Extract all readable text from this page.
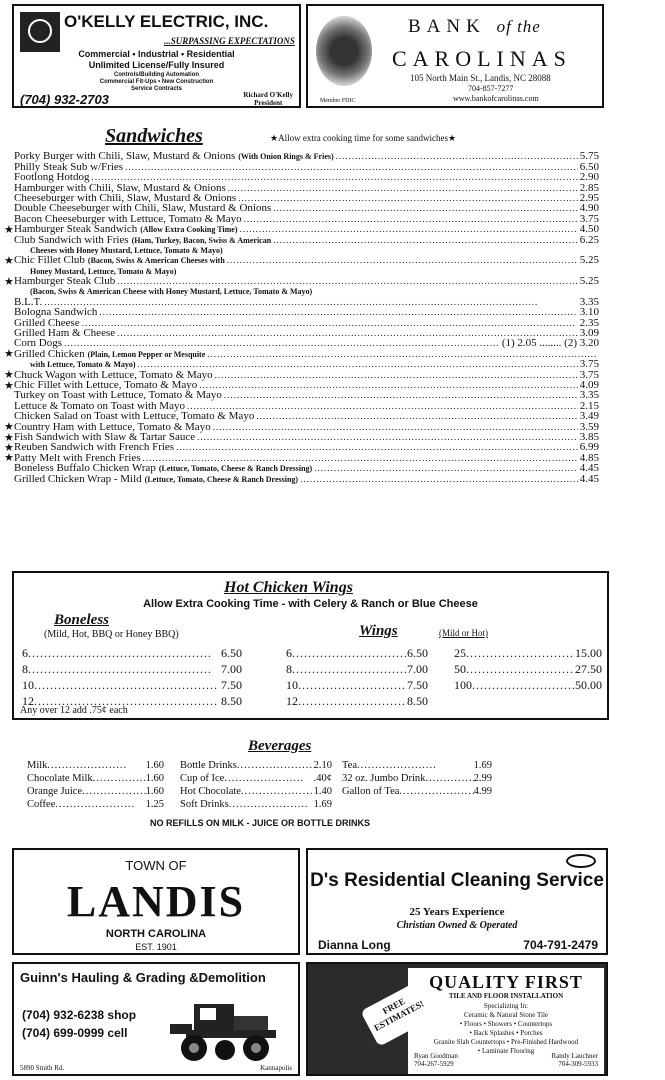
O'KELLY ELECTRIC, INC.
...SURPASSING EXPECTATIONS
Commercial • Industrial • Residential
Unlimited License/Fully Insured
Controls/Building Automation
Commercial Fit-Ups • New Construction
Service Contracts
(704) 932-2703	Richard O'Kelly
President
BANK of the
CAROLINAS
105 North Main St., Landis, NC 28088
704-857-7277
www.bankofcarolinas.com
Member FDIC
Sandwiches	★Allow extra cooking time for some sandwiches★
Porky Burger with Chili, Slaw, Mustard & Onions (With Onion Rings & Fries) .....	5.75
Philly Steak Sub w/Fries .....	6.50
Footlong Hotdog .....	2.90
Hamburger with Chili, Slaw, Mustard & Onions .....	2.85
Cheeseburger with Chili, Slaw, Mustard & Onions .....	2.95
Double Cheeseburger with Chili, Slaw, Mustard & Onions .....	4.90
Bacon Cheeseburger with Lettuce, Tomato & Mayo .....	3.75
★ Hamburger Steak Sandwich (Allow Extra Cooking Time) .....	4.50
Club Sandwich with Fries (Ham, Turkey, Bacon, Swiss & American .....	6.25
Cheeses with Honey Mustard, Lettuce, Tomato & Mayo)
★ Chic Fillet Club (Bacon, Swiss & American Cheeses with .....	5.25
Honey Mustard, Lettuce, Tomato & Mayo)
★ Hamburger Steak Club .....	5.25
(Bacon, Swiss & American Cheese with Honey Mustard, Lettuce, Tomato & Mayo)
B.L.T. .....	3.35
Bologna Sandwich .....	3.10
Grilled Cheese .....	2.35
Grilled Ham & Cheese .....	3.09
Corn Dogs .....	(1) 2.05 ........ (2) 3.20
★ Grilled Chicken (Plain, Lemon Pepper or Mesquite
.....
with Lettuce, Tomato & Mayo) .....	3.75
★ Chuck Wagon with Lettuce, Tomato & Mayo .....	3.75
★ Chic Fillet with Lettuce, Tomato & Mayo .....	4.09
Turkey on Toast with Lettuce, Tomato & Mayo .....	3.35
Lettuce & Tomato on Toast with Mayo .....	2.15
Chicken Salad on Toast with Lettuce, Tomato & Mayo .....	3.49
★ Country Ham with Lettuce, Tomato & Mayo .....	3.59
★ Fish Sandwich with Slaw & Tartar Sauce .....	3.85
★ Reuben Sandwich with French Fries .....	6.99
★ Patty Melt with French Fries .....	4.85
Boneless Buffalo Chicken Wrap (Lettuce, Tomato, Cheese & Ranch Dressing) .....	4.45
Grilled Chicken Wrap - Mild (Lettuce, Tomato, Cheese & Ranch Dressing) .....	4.45
Hot Chicken Wings
Allow Extra Cooking Time - with Celery & Ranch or Blue Cheese
Boneless
(Mild, Hot, BBQ or Honey BBQ)
6 .....	6.50
8 .....	7.00
10 .....	7.50
12 .....	8.50
Wings	(Mild or Hot)
6 .....	6.50
8 .....	7.00
10 .....	7.50
12 .....	8.50
25 .....	15.00
50 .....	27.50
100 .....	50.00
Any over 12 add .75¢ each
Beverages
Milk .....	1.60
Chocolate Milk .....	1.60
Orange Juice .....	1.60
Coffee .....	1.25
Bottle Drinks .....	2.10
Cup of Ice .....	.40¢
Hot Chocolate .....	1.40
Soft Drinks .....	1.69
Tea .....	1.69
32 oz. Jumbo Drink .....	2.99
Gallon of Tea .....	4.99
NO REFILLS ON MILK - JUICE OR BOTTLE DRINKS
TOWN OF
LANDIS
NORTH CAROLINA
EST. 1901
D's Residential Cleaning Service
25 Years Experience
Christian Owned & Operated
Dianna Long	704-791-2479
Guinn's Hauling & Grading &Demolition
(704) 932-6238 shop
(704) 699-0999 cell
5890 Smith Rd.	Kannapolis
QUALITY FIRST
TILE AND FLOOR INSTALLATION
Specializing In:
Ceramic & Natural Stone Tile
• Floors • Showers • Countertops
• Back Splashes • Porches
Granite Slab Countertops • Pre-Finished Hardwood
• Laminate Flooring
Ryan Goodman
704-267-5929
Randy Lauchner
704-309-5933
FREE ESTIMATES!
